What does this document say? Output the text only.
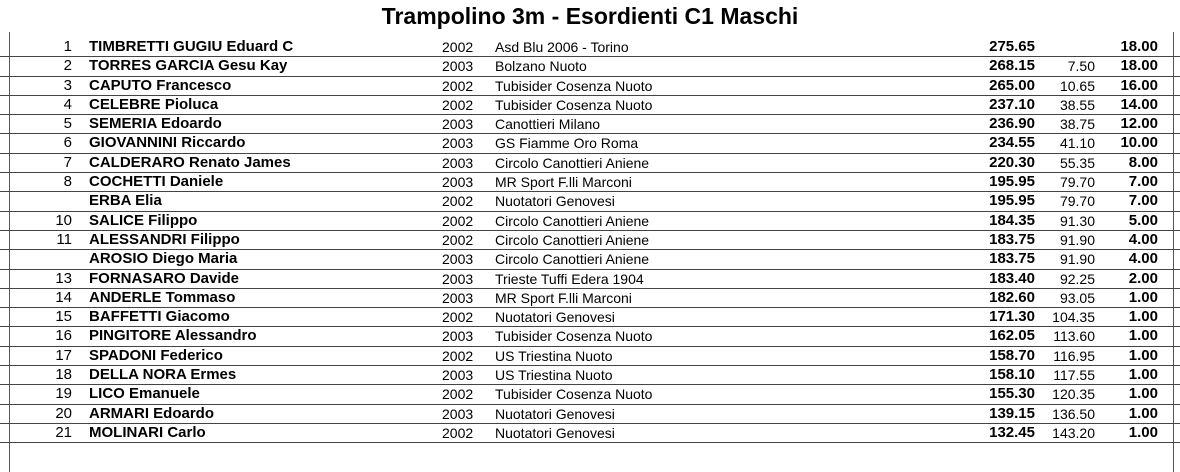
Trampolino 3m - Esordienti C1 Maschi
1 TIMBRETTI GUGIU Eduard C	2002 Asd Blu 2006 - Torino	275.65	18.00
2 TORRES GARCIA Gesu Kay	2003 Bolzano Nuoto	268.15 7.50 18.00
3 CAPUTO Francesco	2002 Tubisider Cosenza Nuoto	265.00 10.65 16.00
4 CELEBRE Pioluca	2002 Tubisider Cosenza Nuoto	237.10 38.55 14.00
5 SEMERIA Edoardo	2003 Canottieri Milano	236.90 38.75 12.00
6 GIOVANNINI Riccardo	2003 GS Fiamme Oro Roma	234.55 41.10 10.00
7 CALDERARO Renato James	2003 Circolo Canottieri Aniene	220.30 55.35 8.00
8 COCHETTI Daniele	2003 MR Sport F.lli Marconi	195.95 79.70 7.00
ERBA Elia	2002 Nuotatori Genovesi	195.95 79.70 7.00
10 SALICE Filippo	2002 Circolo Canottieri Aniene	184.35 91.30 5.00
11 ALESSANDRI Filippo	2002 Circolo Canottieri Aniene	183.75 91.90 4.00
AROSIO Diego Maria	2003 Circolo Canottieri Aniene	183.75 91.90 4.00
13 FORNASARO Davide	2003 Trieste Tuffi Edera 1904	183.40 92.25 2.00
14 ANDERLE Tommaso	2003 MR Sport F.lli Marconi	182.60 93.05 1.00
15 BAFFETTI Giacomo	2002 Nuotatori Genovesi	171.30 104.35 1.00
16 PINGITORE Alessandro	2003 Tubisider Cosenza Nuoto	162.05 113.60 1.00
17 SPADONI Federico	2002 US Triestina Nuoto	158.70 116.95 1.00
18 DELLA NORA Ermes	2003 US Triestina Nuoto	158.10 117.55 1.00
19 LICO Emanuele	2002 Tubisider Cosenza Nuoto	155.30 120.35 1.00
20 ARMARI Edoardo	2003 Nuotatori Genovesi	139.15 136.50 1.00
21 MOLINARI Carlo	2002 Nuotatori Genovesi	132.45 143.20 1.00
